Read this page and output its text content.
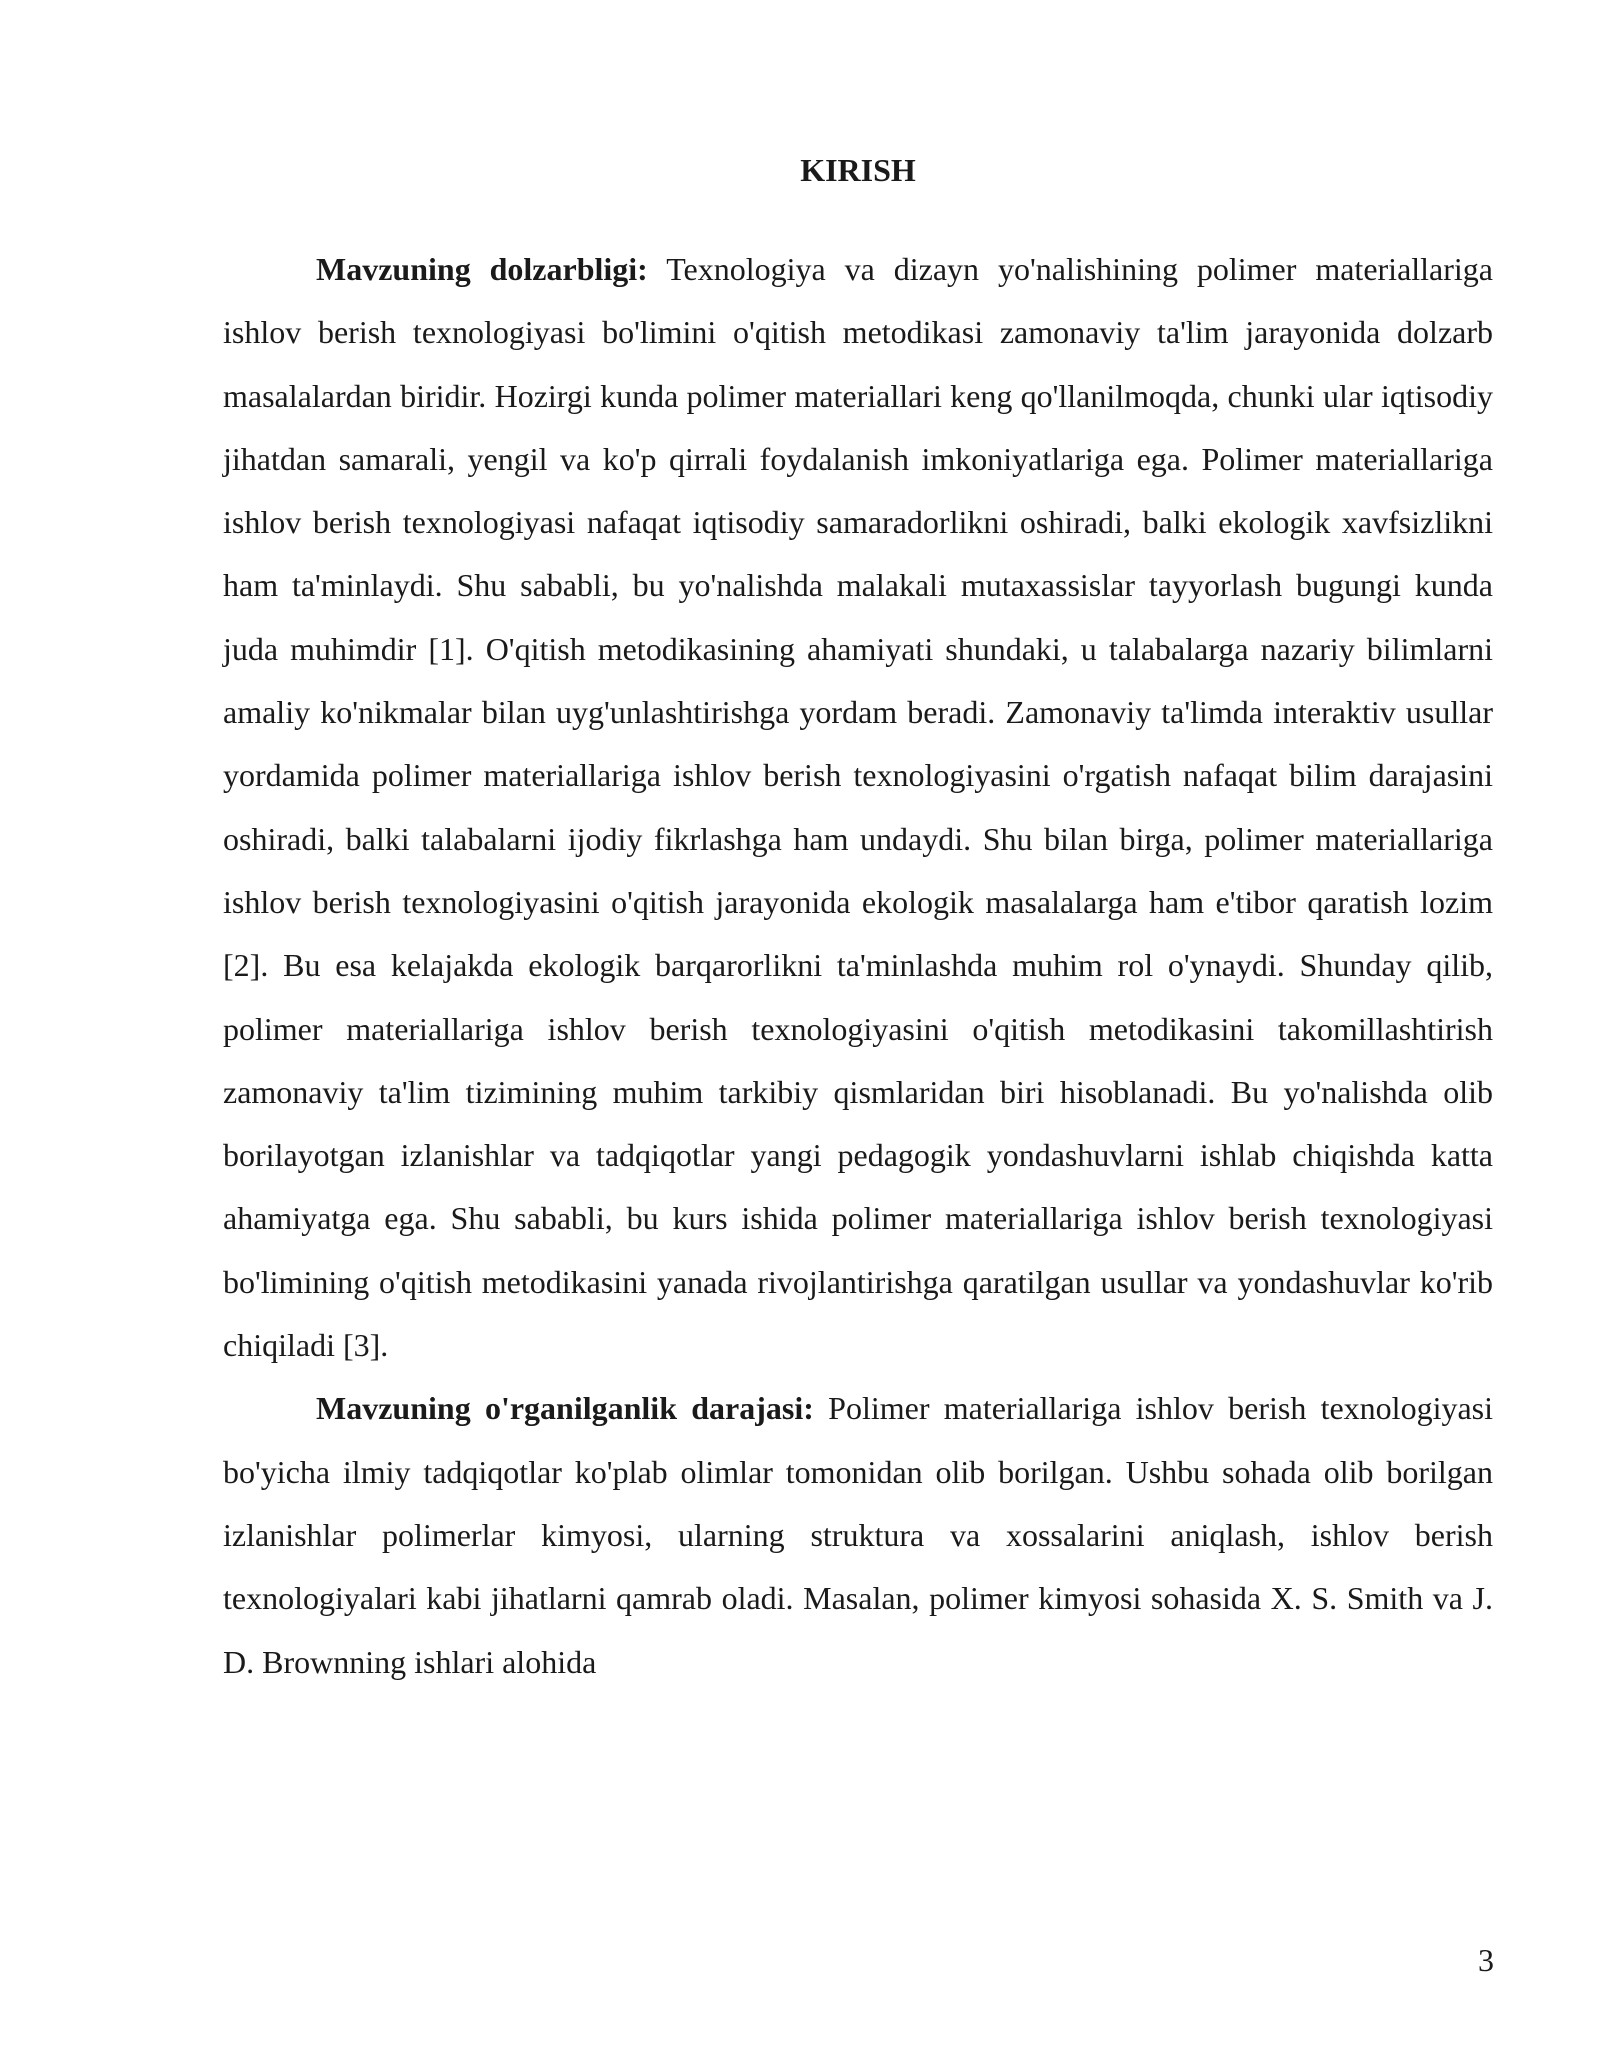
KIRISH

Mavzuning dolzarbligi: Texnologiya va dizayn yo'nalishining polimer materiallariga ishlov berish texnologiyasi bo'limini o'qitish metodikasi zamonaviy ta'lim jarayonida dolzarb masalalardan biridir. Hozirgi kunda polimer materiallari keng qo'llanilmoqda, chunki ular iqtisodiy jihatdan samarali, yengil va ko'p qirrali foydalanish imkoniyatlariga ega. Polimer materiallariga ishlov berish texnologiyasi nafaqat iqtisodiy samaradorlikni oshiradi, balki ekologik xavfsizlikni ham ta'minlaydi. Shu sababli, bu yo'nalishda malakali mutaxassislar tayyorlash bugungi kunda juda muhimdir [1]. O'qitish metodikasining ahamiyati shundaki, u talabalarga nazariy bilimlarni amaliy ko'nikmalar bilan uyg'unlashtirishga yordam beradi. Zamonaviy ta'limda interaktiv usullar yordamida polimer materiallariga ishlov berish texnologiyasini o'rgatish nafaqat bilim darajasini oshiradi, balki talabalarni ijodiy fikrlashga ham undaydi. Shu bilan birga, polimer materiallariga ishlov berish texnologiyasini o'qitish jarayonida ekologik masalalarga ham e'tibor qaratish lozim [2]. Bu esa kelajakda ekologik barqarorlikni ta'minlashda muhim rol o'ynaydi. Shunday qilib, polimer materiallariga ishlov berish texnologiyasini o'qitish metodikasini takomillashtirish zamonaviy ta'lim tizimining muhim tarkibiy qismlaridan biri hisoblanadi. Bu yo'nalishda olib borilayotgan izlanishlar va tadqiqotlar yangi pedagogik yondashuvlarni ishlab chiqishda katta ahamiyatga ega. Shu sababli, bu kurs ishida polimer materiallariga ishlov berish texnologiyasi bo'limining o'qitish metodikasini yanada rivojlantirishga qaratilgan usullar va yondashuvlar ko'rib chiqiladi [3].

Mavzuning o'rganilganlik darajasi: Polimer materiallariga ishlov berish texnologiyasi bo'yicha ilmiy tadqiqotlar ko'plab olimlar tomonidan olib borilgan. Ushbu sohada olib borilgan izlanishlar polimerlar kimyosi, ularning struktura va xossalarini aniqlash, ishlov berish texnologiyalari kabi jihatlarni qamrab oladi. Masalan, polimer kimyosi sohasida X. S. Smith va J. D. Brownning ishlari alohida

3
